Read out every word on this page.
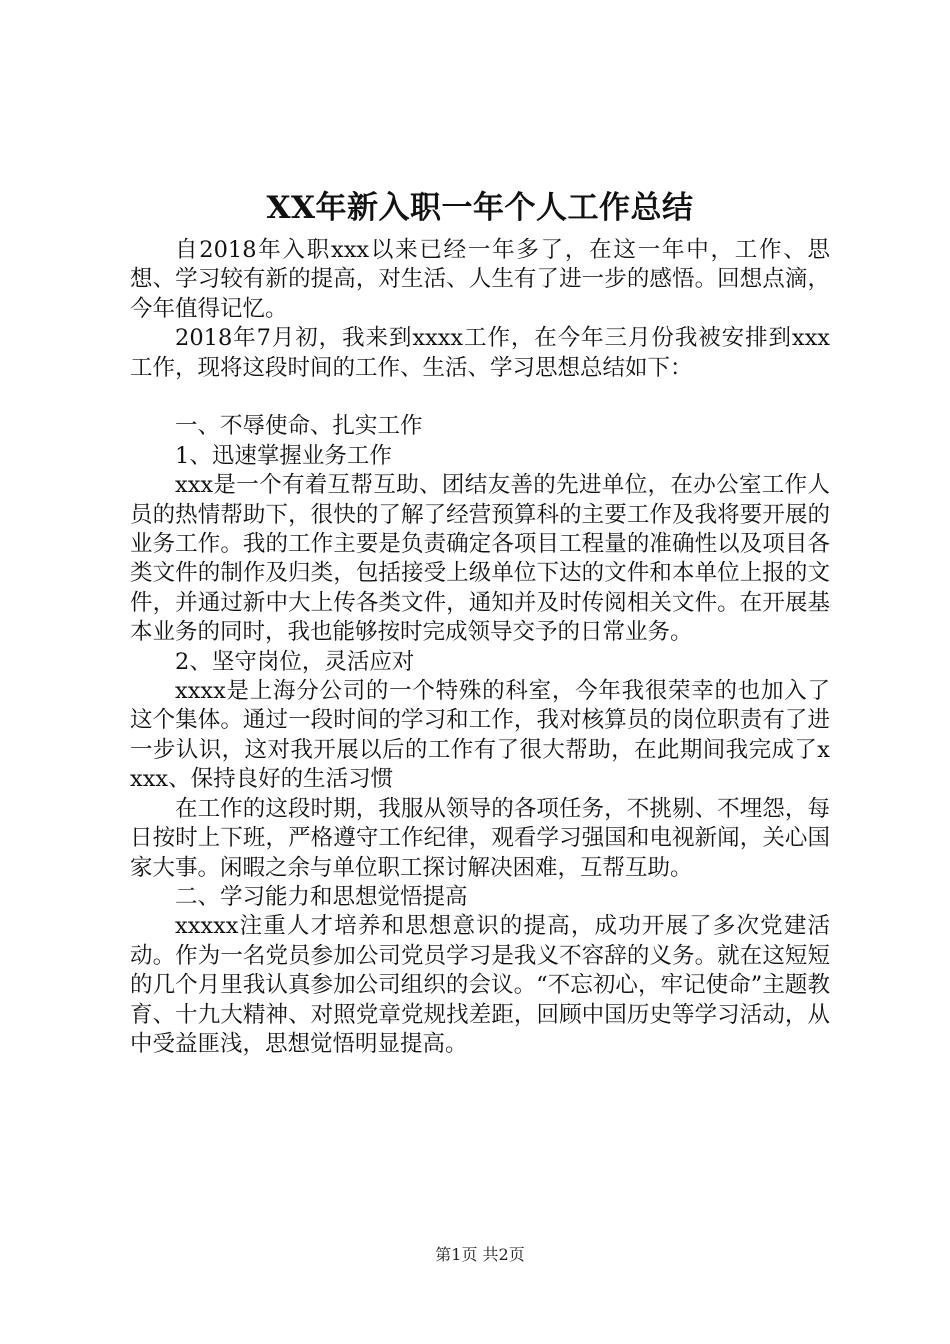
XX年新入职一年个人工作总结

自2018年入职xxx以来已经一年多了，在这一年中，工作、思想、学习较有新的提高，对生活、人生有了进一步的感悟。回想点滴，今年值得记忆。

2018年7月初，我来到xxxx工作，在今年三月份我被安排到xxx工作，现将这段时间的工作、生活、学习思想总结如下：

一、不辱使命、扎实工作

1、迅速掌握业务工作

xxx是一个有着互帮互助、团结友善的先进单位，在办公室工作人员的热情帮助下，很快的了解了经营预算科的主要工作及我将要开展的业务工作。我的工作主要是负责确定各项目工程量的准确性以及项目各类文件的制作及归类，包括接受上级单位下达的文件和本单位上报的文件，并通过新中大上传各类文件，通知并及时传阅相关文件。在开展基本业务的同时，我也能够按时完成领导交予的日常业务。

2、坚守岗位，灵活应对

xxxx是上海分公司的一个特殊的科室，今年我很荣幸的也加入了这个集体。通过一段时间的学习和工作，我对核算员的岗位职责有了进一步认识，这对我开展以后的工作有了很大帮助，在此期间我完成了xxxx、保持良好的生活习惯

在工作的这段时期，我服从领导的各项任务，不挑剔、不埋怨，每日按时上下班，严格遵守工作纪律，观看学习强国和电视新闻，关心国家大事。闲暇之余与单位职工探讨解决困难，互帮互助。

二、学习能力和思想觉悟提高

xxxxx注重人才培养和思想意识的提高，成功开展了多次党建活动。作为一名党员参加公司党员学习是我义不容辞的义务。就在这短短的几个月里我认真参加公司组织的会议。“不忘初心，牢记使命”主题教育、十九大精神、对照党章党规找差距，回顾中国历史等学习活动，从中受益匪浅，思想觉悟明显提高。

第1页 共2页
